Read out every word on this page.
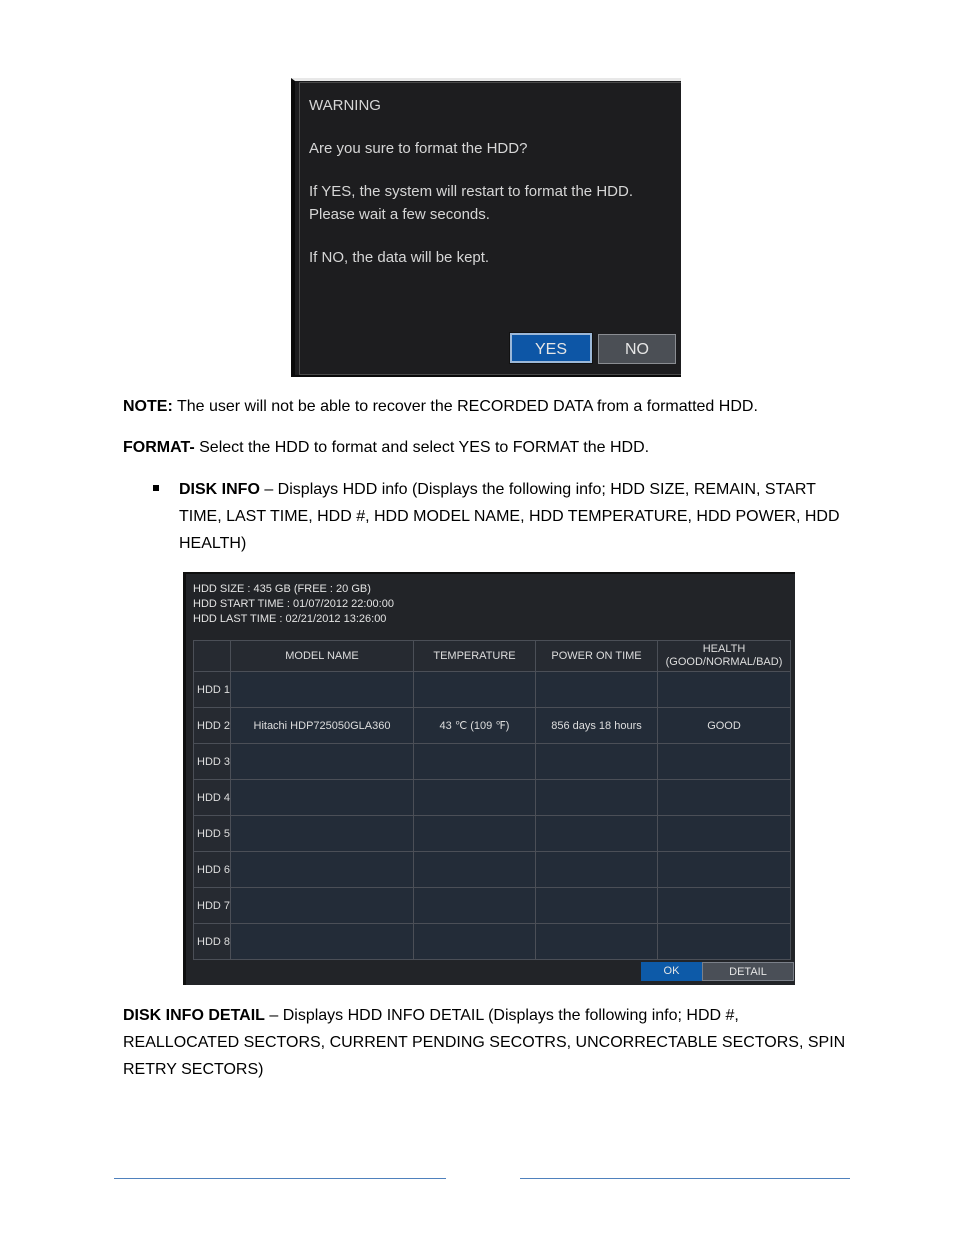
WARNING
Are you sure to format the HDD?
If YES, the system will restart to format the HDD.
Please wait a few seconds.
If NO, the data will be kept.
YES	NO
NOTE: The user will not be able to recover the RECORDED DATA from a formatted HDD.
FORMAT- Select the HDD to format and select YES to FORMAT the HDD.
DISK INFO – Displays HDD info (Displays the following info; HDD SIZE, REMAIN, START
TIME, LAST TIME, HDD #, HDD MODEL NAME, HDD TEMPERATURE, HDD POWER, HDD
HEALTH)
HDD SIZE : 435 GB (FREE : 20 GB)
HDD START TIME : 01/07/2012 22:00:00
HDD LAST TIME : 02/21/2012 13:26:00
	MODEL NAME	TEMPERATURE	POWER ON TIME	HEALTH
(GOOD/NORMAL/BAD)
HDD 1				
HDD 2	Hitachi HDP725050GLA360	43 ℃ (109 ℉)	856 days 18 hours	GOOD
HDD 3				
HDD 4				
HDD 5				
HDD 6				
HDD 7				
HDD 8				
OK	DETAIL
DISK INFO DETAIL – Displays HDD INFO DETAIL (Displays the following info; HDD #,
REALLOCATED SECTORS, CURRENT PENDING SECOTRS, UNCORRECTABLE SECTORS, SPIN
RETRY SECTORS)
